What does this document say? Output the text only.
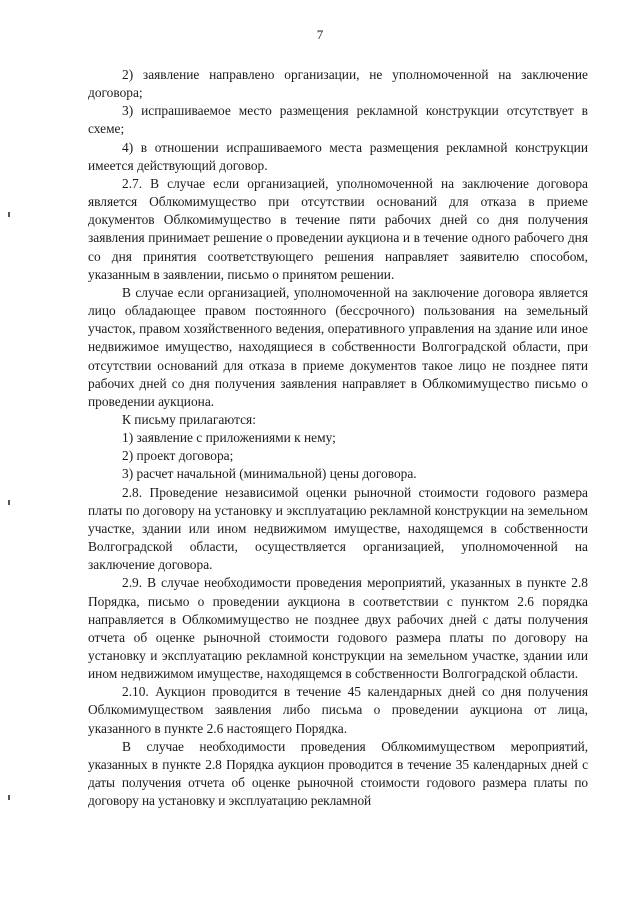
7

2) заявление направлено организации, не уполномоченной на заключение договора;

3) испрашиваемое место размещения рекламной конструкции отсутствует в схеме;

4) в отношении испрашиваемого места размещения рекламной конструкции имеется действующий договор.

2.7. В случае если организацией, уполномоченной на заключение договора является Облкомимущество при отсутствии оснований для отказа в приеме документов Облкомимущество в течение пяти рабочих дней со дня получения заявления принимает решение о проведении аукциона и в течение одного рабочего дня со дня принятия соответствующего решения направляет заявителю способом, указанным в заявлении, письмо о принятом решении.

В случае если организацией, уполномоченной на заключение договора является лицо обладающее правом постоянного (бессрочного) пользования на земельный участок, правом хозяйственного ведения, оперативного управления на здание или иное недвижимое имущество, находящиеся в собственности Волгоградской области, при отсутствии оснований для отказа в приеме документов такое лицо не позднее пяти рабочих дней со дня получения заявления направляет в Облкомимущество письмо о проведении аукциона.

К письму прилагаются:

1) заявление с приложениями к нему;

2) проект договора;

3) расчет начальной (минимальной) цены договора.

2.8. Проведение независимой оценки рыночной стоимости годового размера платы по договору на установку и эксплуатацию рекламной конструкции на земельном участке, здании или ином недвижимом имуществе, находящемся в собственности Волгоградской области, осуществляется организацией, уполномоченной на заключение договора.

2.9. В случае необходимости проведения мероприятий, указанных в пункте 2.8 Порядка, письмо о проведении аукциона в соответствии с пунктом 2.6 порядка направляется в Облкомимущество не позднее двух рабочих дней с даты получения отчета об оценке рыночной стоимости годового размера платы по договору на установку и эксплуатацию рекламной конструкции на земельном участке, здании или ином недвижимом имуществе, находящемся в собственности Волгоградской области.

2.10. Аукцион проводится в течение 45 календарных дней со дня получения Облкомимуществом заявления либо письма о проведении аукциона от лица, указанного в пункте 2.6 настоящего Порядка.

В случае необходимости проведения Облкомимуществом мероприятий, указанных в пункте 2.8 Порядка аукцион проводится в течение 35 календарных дней с даты получения отчета об оценке рыночной стоимости годового размера платы по договору на установку и эксплуатацию рекламной
